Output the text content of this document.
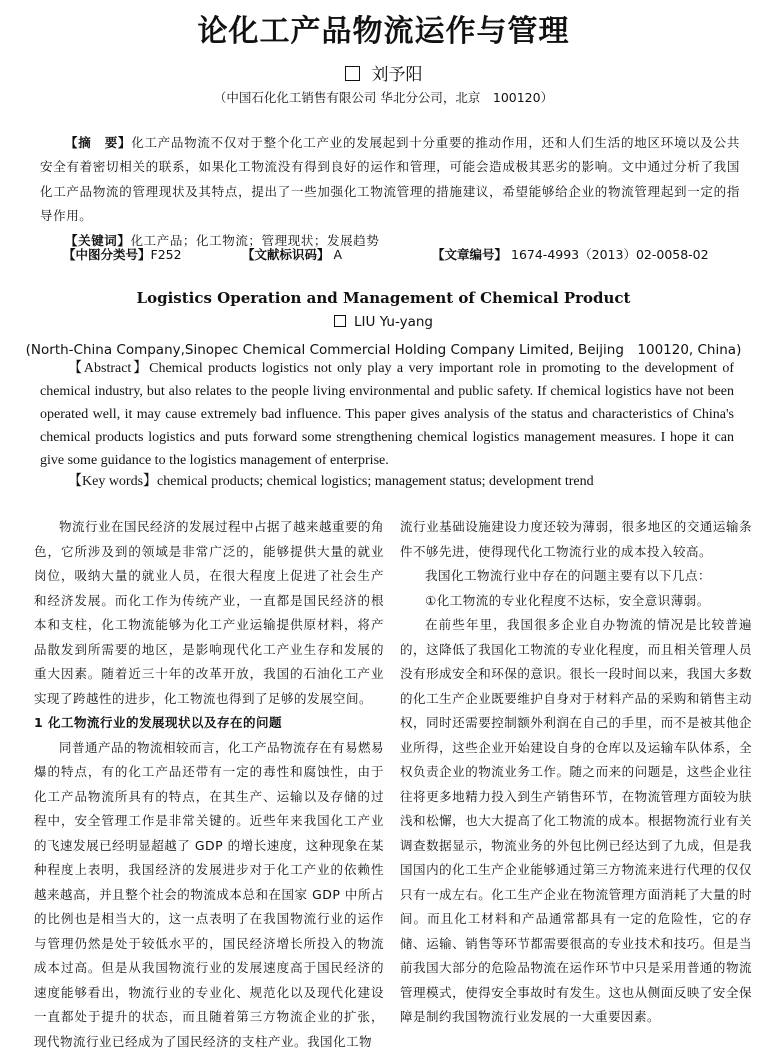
论化工产品物流运作与管理
刘予阳
（中国石化化工销售有限公司 华北分公司，北京　100120）

【摘　要】化工产品物流不仅对于整个化工产业的发展起到十分重要的推动作用，还和人们生活的地区环境以及公共安全有着密切相关的联系，如果化工物流没有得到良好的运作和管理，可能会造成极其恶劣的影响。文中通过分析了我国化工产品物流的管理现状及其特点，提出了一些加强化工物流管理的措施建议，希望能够给企业的物流管理起到一定的指导作用。

【关键词】化工产品；化工物流；管理现状；发展趋势

【中图分类号】F252	【文献标识码】 A	【文章编号】 1674-4993（2013）02-0058-02
Logistics Operation and Management of Chemical Product
LIU Yu-yang
(North-China Company,Sinopec Chemical Commercial Holding Company Limited, Beijing　100120, China)

【Abstract】Chemical products logistics not only play a very important role in promoting to the development of chemical industry, but also relates to the people living environmental and public safety. If chemical logistics have not been operated well, it may cause extremely bad influence. This paper gives analysis of the status and characteristics of China's chemical products logistics and puts forward some strengthening chemical logistics management measures. I hope it can give some guidance to the logistics management of enterprise.

【Key words】chemical products; chemical logistics; management status; development trend

物流行业在国民经济的发展过程中占据了越来越重要的角色，它所涉及到的领域是非常广泛的，能够提供大量的就业岗位，吸纳大量的就业人员，在很大程度上促进了社会生产和经济发展。而化工作为传统产业，一直都是国民经济的根本和支柱，化工物流能够为化工产业运输提供原材料，将产品散发到所需要的地区，是影响现代化工产业生存和发展的重大因素。随着近三十年的改革开放，我国的石油化工产业实现了跨越性的进步，化工物流也得到了足够的发展空间。

1 化工物流行业的发展现状以及存在的问题

同普通产品的物流相较而言，化工产品物流存在有易燃易爆的特点，有的化工产品还带有一定的毒性和腐蚀性，由于化工产品物流所具有的特点，在其生产、运输以及存储的过程中，安全管理工作是非常关键的。近些年来我国化工产业的飞速发展已经明显超越了 GDP 的增长速度，这种现象在某种程度上表明，我国经济的发展进步对于化工产业的依赖性越来越高，并且整个社会的物流成本总和在国家 GDP 中所占的比例也是相当大的，这一点表明了在我国物流行业的运作与管理仍然是处于较低水平的，国民经济增长所投入的物流成本过高。但是从我国物流行业的发展速度高于国民经济的速度能够看出，物流行业的专业化、规范化以及现代化建设一直都处于提升的状态，而且随着第三方物流企业的扩张，现代物流行业已经成为了国民经济的支柱产业。我国化工物

流行业基础设施建设力度还较为薄弱，很多地区的交通运输条件不够先进，使得现代化工物流行业的成本投入较高。

我国化工物流行业中存在的问题主要有以下几点：

①化工物流的专业化程度不达标，安全意识薄弱。

在前些年里，我国很多企业自办物流的情况是比较普遍的，这降低了我国化工物流的专业化程度，而且相关管理人员没有形成安全和环保的意识。很长一段时间以来，我国大多数的化工生产企业既要维护自身对于材料产品的采购和销售主动权，同时还需要控制额外利润在自己的手里，而不是被其他企业所得，这些企业开始建设自身的仓库以及运输车队体系，全权负责企业的物流业务工作。随之而来的问题是，这些企业往往将更多地精力投入到生产销售环节，在物流管理方面较为肤浅和松懈，也大大提高了化工物流的成本。根据物流行业有关调查数据显示，物流业务的外包比例已经达到了九成，但是我国国内的化工生产企业能够通过第三方物流来进行代理的仅仅只有一成左右。化工生产企业在物流管理方面消耗了大量的时间。而且化工材料和产品通常都具有一定的危险性，它的存储、运输、销售等环节都需要很高的专业技术和技巧。但是当前我国大部分的危险品物流在运作环节中只是采用普通的物流管理模式，使得安全事故时有发生。这也从侧面反映了安全保障是制约我国物流行业发展的一大重要因素。
